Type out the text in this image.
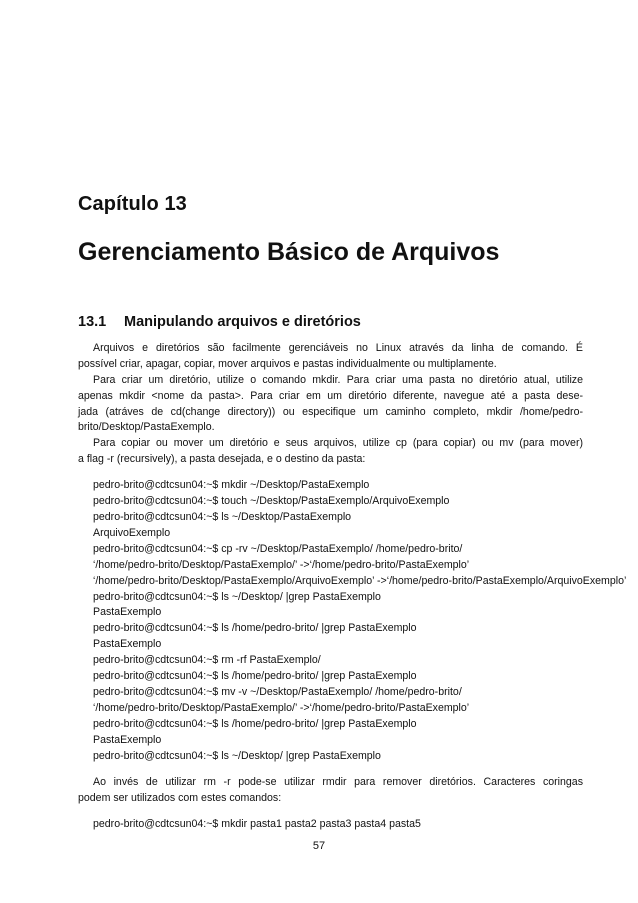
Capítulo 13
Gerenciamento Básico de Arquivos
13.1 Manipulando arquivos e diretórios
Arquivos e diretórios são facilmente gerenciáveis no Linux através da linha de comando. É
possível criar, apagar, copiar, mover arquivos e pastas individualmente ou multiplamente.
Para criar um diretório, utilize o comando mkdir. Para criar uma pasta no diretório atual, utilize
apenas mkdir <nome da pasta>. Para criar em um diretório diferente, navegue até a pasta dese-
jada (atráves de cd(change directory)) ou especifique um caminho completo, mkdir /home/pedro-
brito/Desktop/PastaExemplo.
Para copiar ou mover um diretório e seus arquivos, utilize cp (para copiar) ou mv (para mover)
a flag -r (recursively), a pasta desejada, e o destino da pasta:
pedro-brito@cdtcsun04:~$ mkdir ~/Desktop/PastaExemplo
pedro-brito@cdtcsun04:~$ touch ~/Desktop/PastaExemplo/ArquivoExemplo
pedro-brito@cdtcsun04:~$ ls ~/Desktop/PastaExemplo
ArquivoExemplo
pedro-brito@cdtcsun04:~$ cp -rv ~/Desktop/PastaExemplo/ /home/pedro-brito/
‘/home/pedro-brito/Desktop/PastaExemplo/’ ->‘/home/pedro-brito/PastaExemplo’
‘/home/pedro-brito/Desktop/PastaExemplo/ArquivoExemplo’ ->‘/home/pedro-brito/PastaExemplo/ArquivoExemplo’
pedro-brito@cdtcsun04:~$ ls ~/Desktop/ |grep PastaExemplo
PastaExemplo
pedro-brito@cdtcsun04:~$ ls /home/pedro-brito/ |grep PastaExemplo
PastaExemplo
pedro-brito@cdtcsun04:~$ rm -rf PastaExemplo/
pedro-brito@cdtcsun04:~$ ls /home/pedro-brito/ |grep PastaExemplo
pedro-brito@cdtcsun04:~$ mv -v ~/Desktop/PastaExemplo/ /home/pedro-brito/
‘/home/pedro-brito/Desktop/PastaExemplo/’ ->‘/home/pedro-brito/PastaExemplo’
pedro-brito@cdtcsun04:~$ ls /home/pedro-brito/ |grep PastaExemplo
PastaExemplo
pedro-brito@cdtcsun04:~$ ls ~/Desktop/ |grep PastaExemplo
Ao invés de utilizar rm -r pode-se utilizar rmdir para remover diretórios. Caracteres coringas
podem ser utilizados com estes comandos:
pedro-brito@cdtcsun04:~$ mkdir pasta1 pasta2 pasta3 pasta4 pasta5
57
